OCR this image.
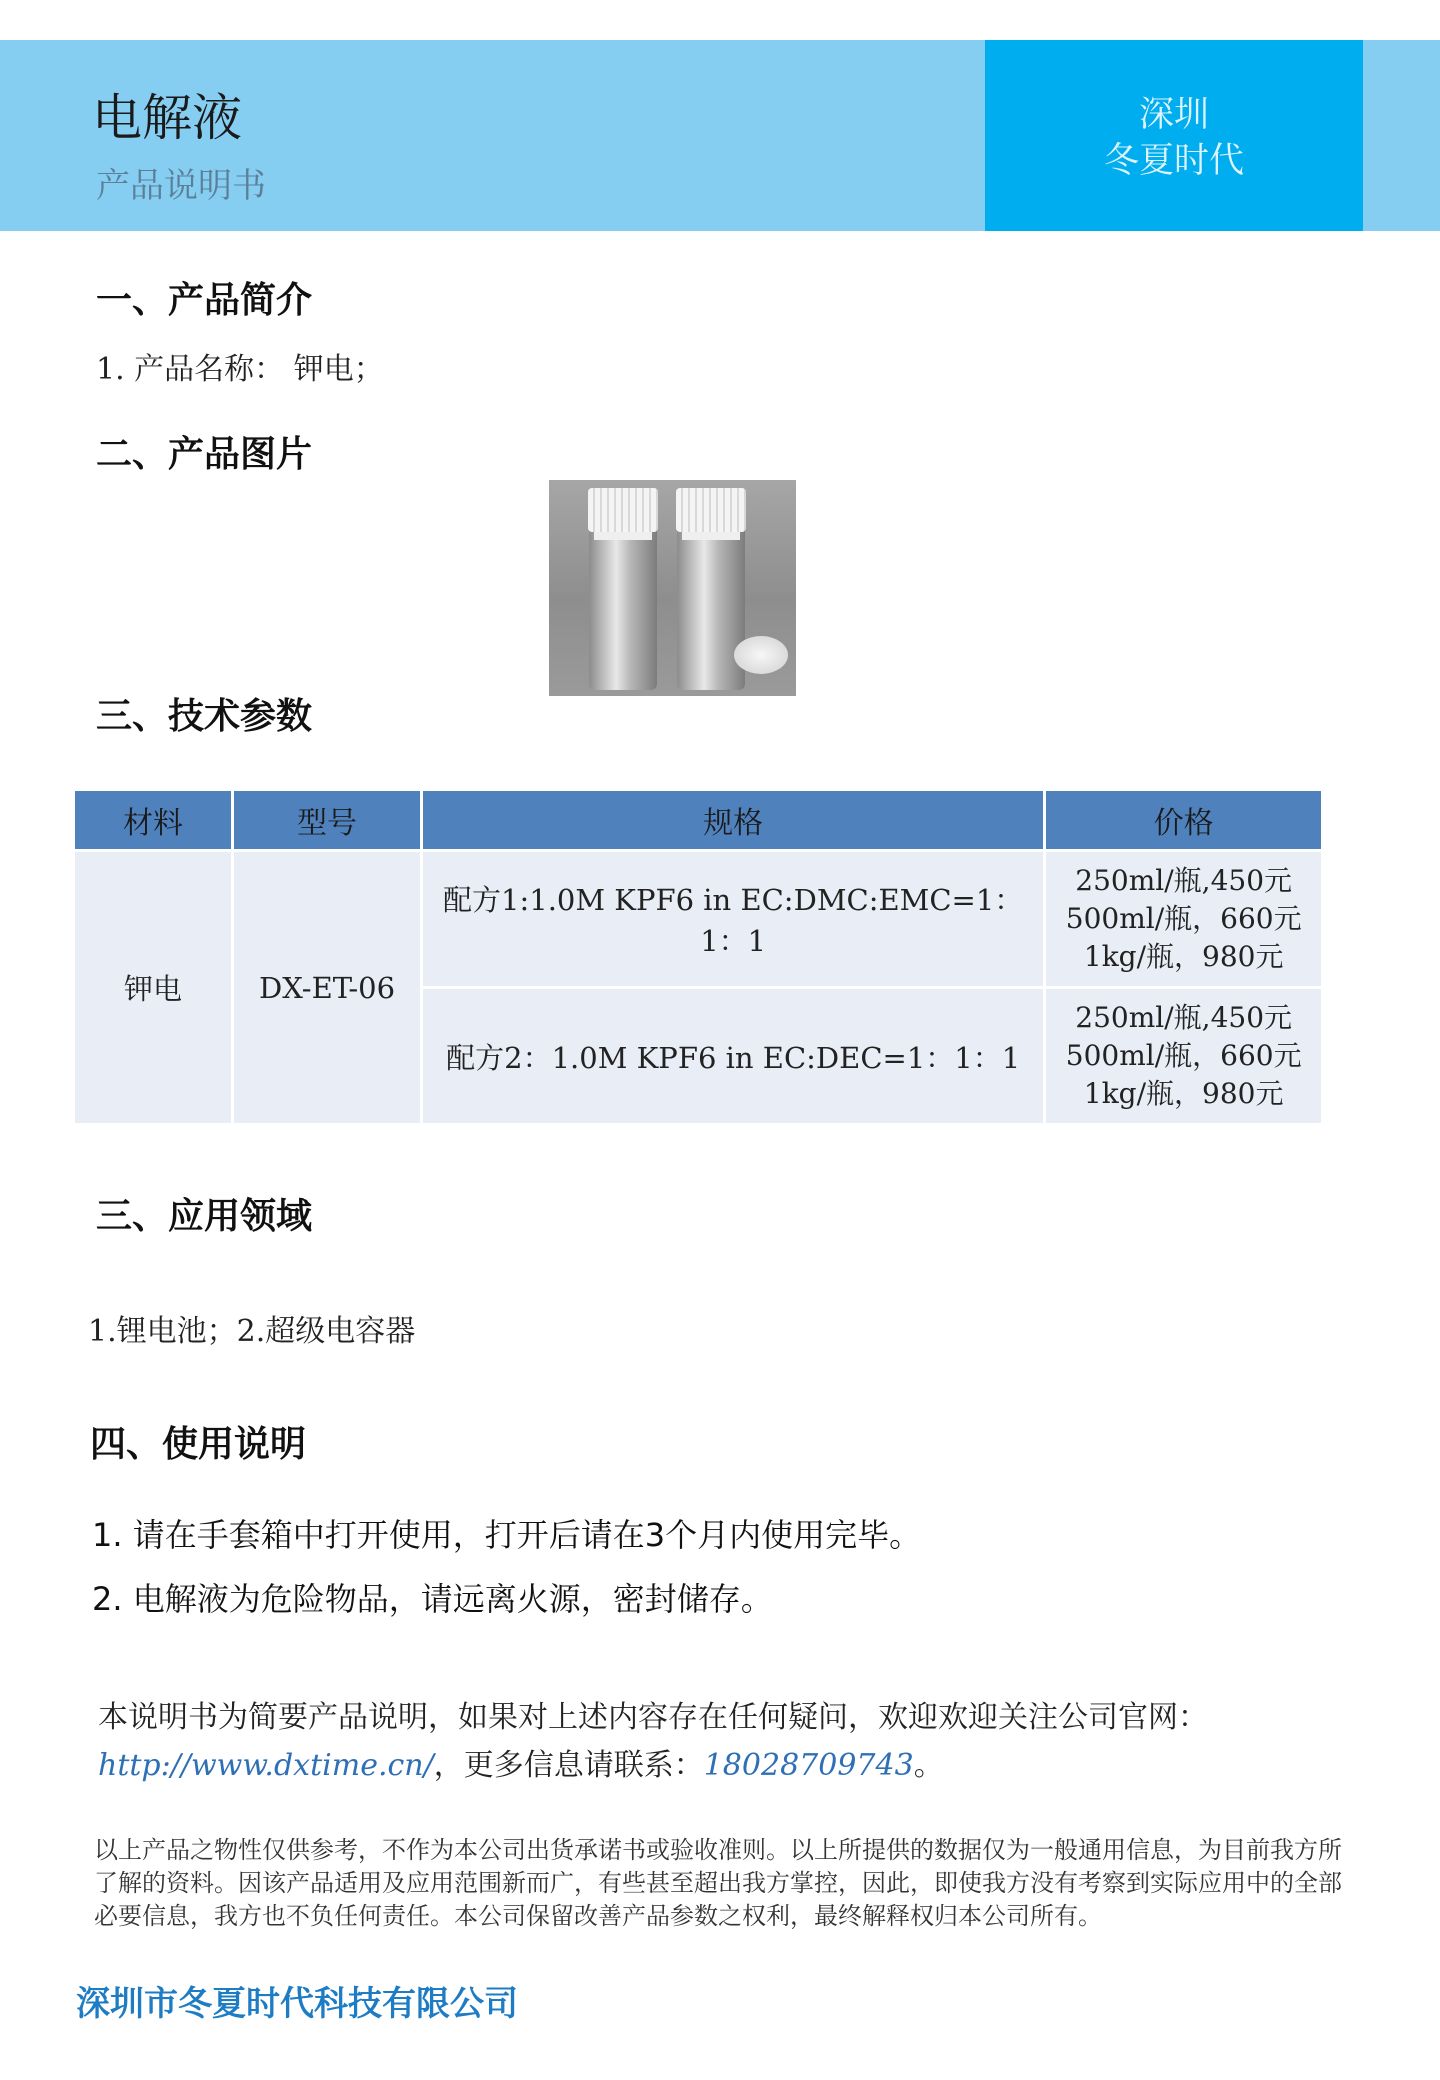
电解液
产品说明书
深圳
冬夏时代
一、产品简介
1. 产品名称： 钾电；
二、产品图片
三、技术参数
材料	型号	规格	价格
钾电	DX-ET-06	配方1:1.0M KPF6 in EC:DMC:EMC=1：1：1	250ml/瓶,450元
500ml/瓶，660元
1kg/瓶，980元

		配方2：1.0M KPF6 in EC:DEC=1：1：1	250ml/瓶,450元
500ml/瓶，660元
1kg/瓶，980元
三、应用领域
1.锂电池；2.超级电容器
四、使用说明
1. 请在手套箱中打开使用，打开后请在3个月内使用完毕。
2. 电解液为危险物品，请远离火源，密封储存。
本说明书为简要产品说明，如果对上述内容存在任何疑问，欢迎欢迎关注公司官网：
http://www.dxtime.cn/，更多信息请联系：18028709743。
以上产品之物性仅供参考，不作为本公司出货承诺书或验收准则。以上所提供的数据仅为一般通用信息，为目前我方所了解的资料。因该产品适用及应用范围新而广，有些甚至超出我方掌控，因此，即使我方没有考察到实际应用中的全部必要信息，我方也不负任何责任。本公司保留改善产品参数之权利，最终解释权归本公司所有。
深圳市冬夏时代科技有限公司
